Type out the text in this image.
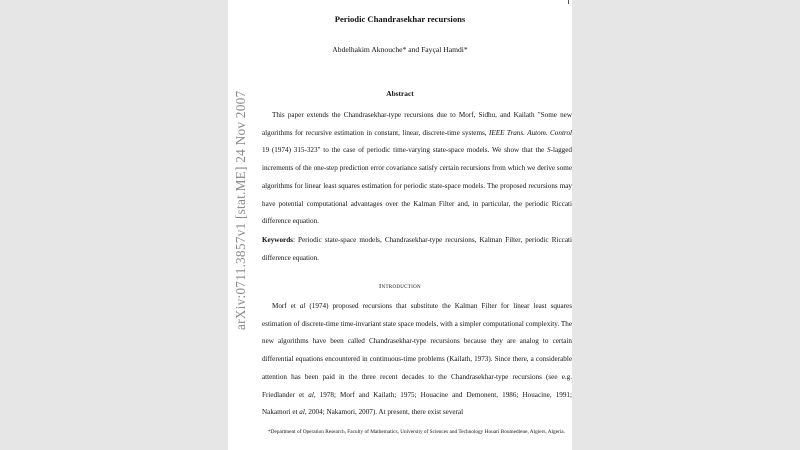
arXiv:0711.3857v1 [stat.ME] 24 Nov 2007
Periodic Chandrasekhar recursions
Abdelhakim Aknouche* and Fayçal Hamdi*
Abstract

This paper extends the Chandrasekhar-type recursions due to Morf, Sidhu, and Kailath "Some new algorithms for recursive estimation in constant, linear, discrete-time systems, IEEE Trans. Autom. Control 19 (1974) 315-323" to the case of periodic time-varying state-space models. We show that the S-lagged increments of the one-step prediction error covariance satisfy certain recursions from which we derive some algorithms for linear least squares estimation for periodic state-space models. The proposed recursions may have potential computational advantages over the Kalman Filter and, in particular, the periodic Riccati difference equation.

Keywords: Periodic state-space models, Chandrasekhar-type recursions, Kalman Filter, periodic Riccati difference equation.

Introduction

Morf et al (1974) proposed recursions that substitute the Kalman Filter for linear least squares estimation of discrete-time time-invariant state space models, with a simpler computational complexity. The new algorithms have been called Chandrasekhar-type recursions because they are analog to certain differential equations encountered in continuous-time problems (Kailath, 1973). Since there, a considerable attention has been paid in the three recent decades to the Chandrasekhar-type recursions (see e.g. Friedlander et al, 1978; Morf and Kailath; 1975; Houacine and Demonent, 1986; Houacine, 1991; Nakamori et al, 2004; Nakamori, 2007). At present, there exist several

*Department of Operation Research, Faculty of Mathematics, University of Sciences and Technology Houari Boumediene, Algiers, Algeria.
